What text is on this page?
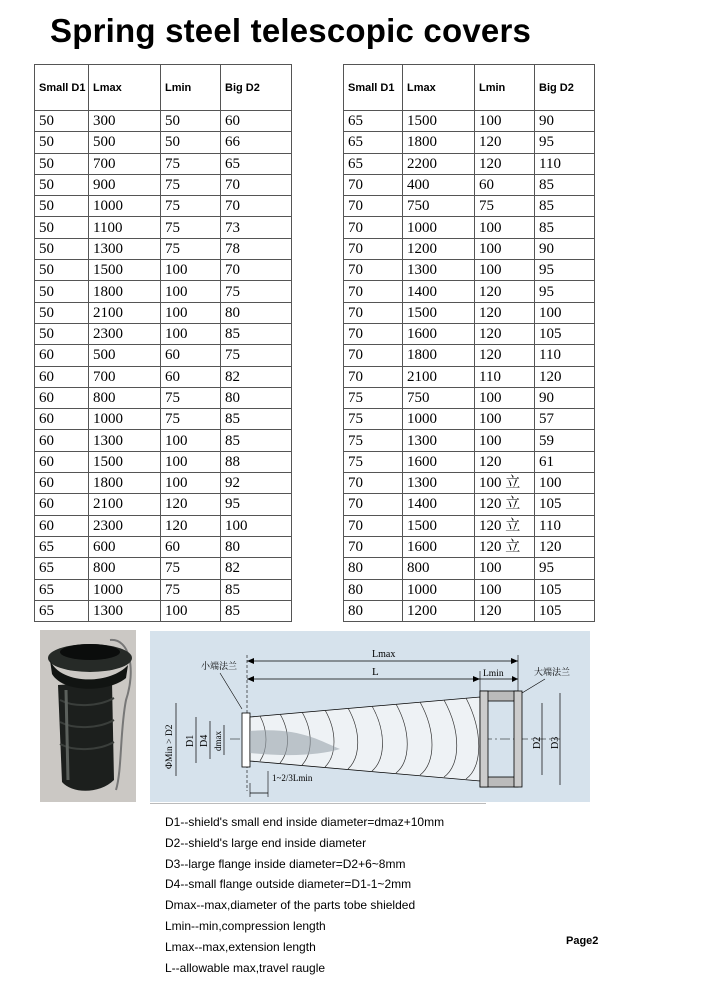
Spring steel telescopic covers
Small D1	Lmax	Lmin	Big D2
50	300	50	60
50	500	50	66
50	700	75	65
50	900	75	70
50	1000	75	70
50	1100	75	73
50	1300	75	78
50	1500	100	70
50	1800	100	75
50	2100	100	80
50	2300	100	85
60	500	60	75
60	700	60	82
60	800	75	80
60	1000	75	85
60	1300	100	85
60	1500	100	88
60	1800	100	92
60	2100	120	95
60	2300	120	100
65	600	60	80
65	800	75	82
65	1000	75	85
65	1300	100	85
Small D1	Lmax	Lmin	Big D2
65	1500	100	90
65	1800	120	95
65	2200	120	110
70	400	60	85
70	750	75	85
70	1000	100	85
70	1200	100	90
70	1300	100	95
70	1400	120	95
70	1500	120	100
70	1600	120	105
70	1800	120	110
70	2100	110	120
75	750	100	90
75	1000	100	57
75	1300	100	59
75	1600	120	61
70	1300	100 立	100
70	1400	120 立	105
70	1500	120 立	110
70	1600	120 立	120
80	800	100	95
80	1000	100	105
80	1200	120	105
Lmax
L	Lmin
小端法兰
大端法兰
ΦMin > D2 D1 D4 dmax	D2 D3
1~2/3Lmin
D1--shield's small end inside diameter=dmaz+10mm
D2--shield's large end inside diameter
D3--large flange inside diameter=D2+6~8mm
D4--small flange outside diameter=D1-1~2mm
Dmax--max,diameter of the parts tobe shielded
Lmin--min,compression length
Lmax--max,extension length
L--allowable max,travel raugle
Page2
